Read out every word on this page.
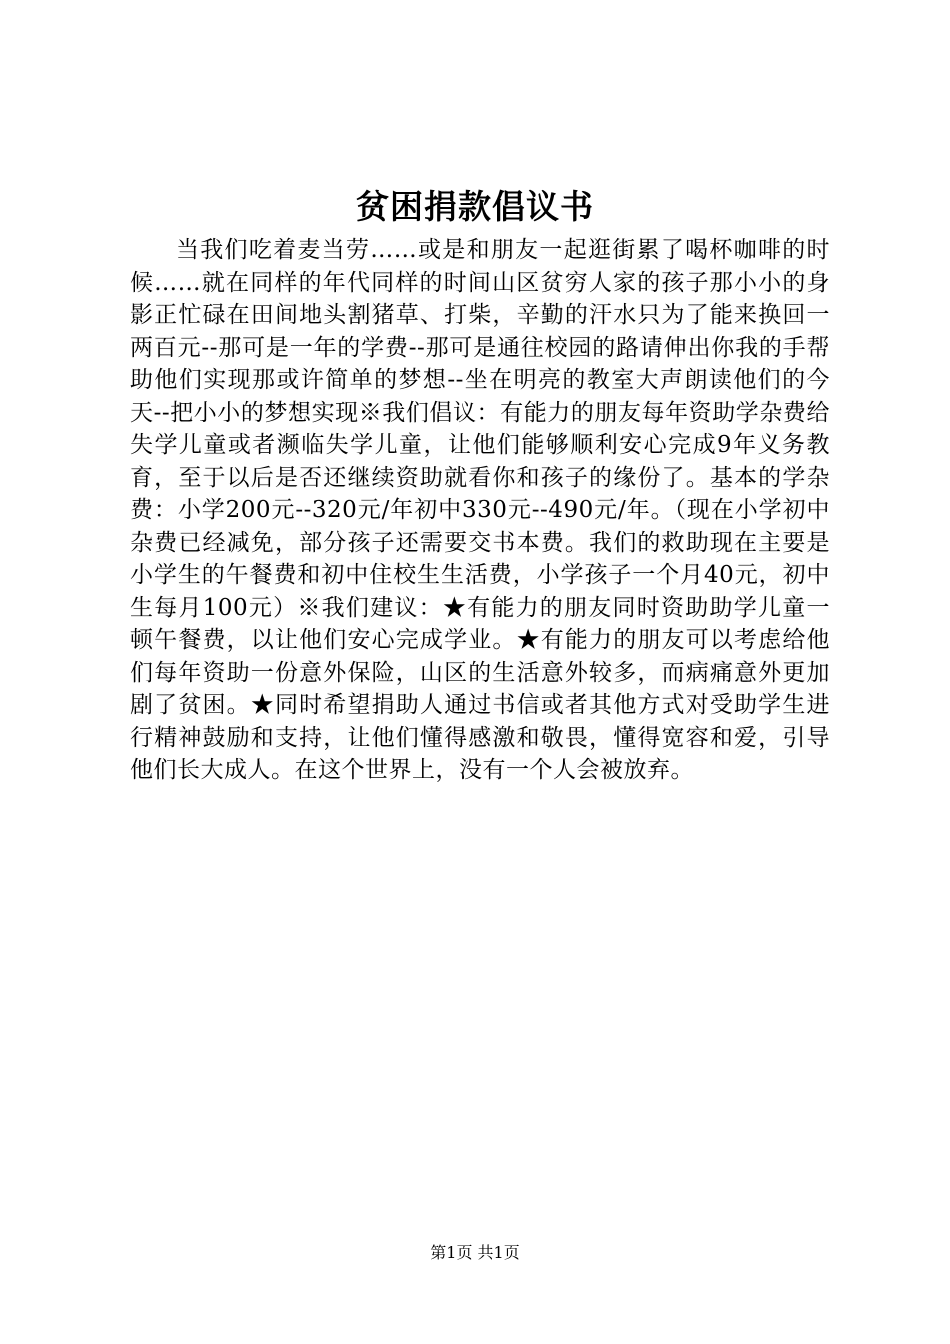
贫困捐款倡议书

当我们吃着麦当劳……或是和朋友一起逛街累了喝杯咖啡的时候……就在同样的年代同样的时间山区贫穷人家的孩子那小小的身影正忙碌在田间地头割猪草、打柴，辛勤的汗水只为了能来换回一两百元--那可是一年的学费--那可是通往校园的路请伸出你我的手帮助他们实现那或许简单的梦想--坐在明亮的教室大声朗读他们的今天--把小小的梦想实现※我们倡议：有能力的朋友每年资助学杂费给失学儿童或者濒临失学儿童，让他们能够顺利安心完成9年义务教育，至于以后是否还继续资助就看你和孩子的缘份了。基本的学杂费：小学200元--320元/年初中330元--490元/年。（现在小学初中杂费已经减免，部分孩子还需要交书本费。我们的救助现在主要是小学生的午餐费和初中住校生生活费，小学孩子一个月40元，初中生每月100元）※我们建议：★有能力的朋友同时资助助学儿童一顿午餐费，以让他们安心完成学业。★有能力的朋友可以考虑给他们每年资助一份意外保险，山区的生活意外较多，而病痛意外更加剧了贫困。★同时希望捐助人通过书信或者其他方式对受助学生进行精神鼓励和支持，让他们懂得感激和敬畏，懂得宽容和爱，引导他们长大成人。在这个世界上，没有一个人会被放弃。

第1页 共1页
